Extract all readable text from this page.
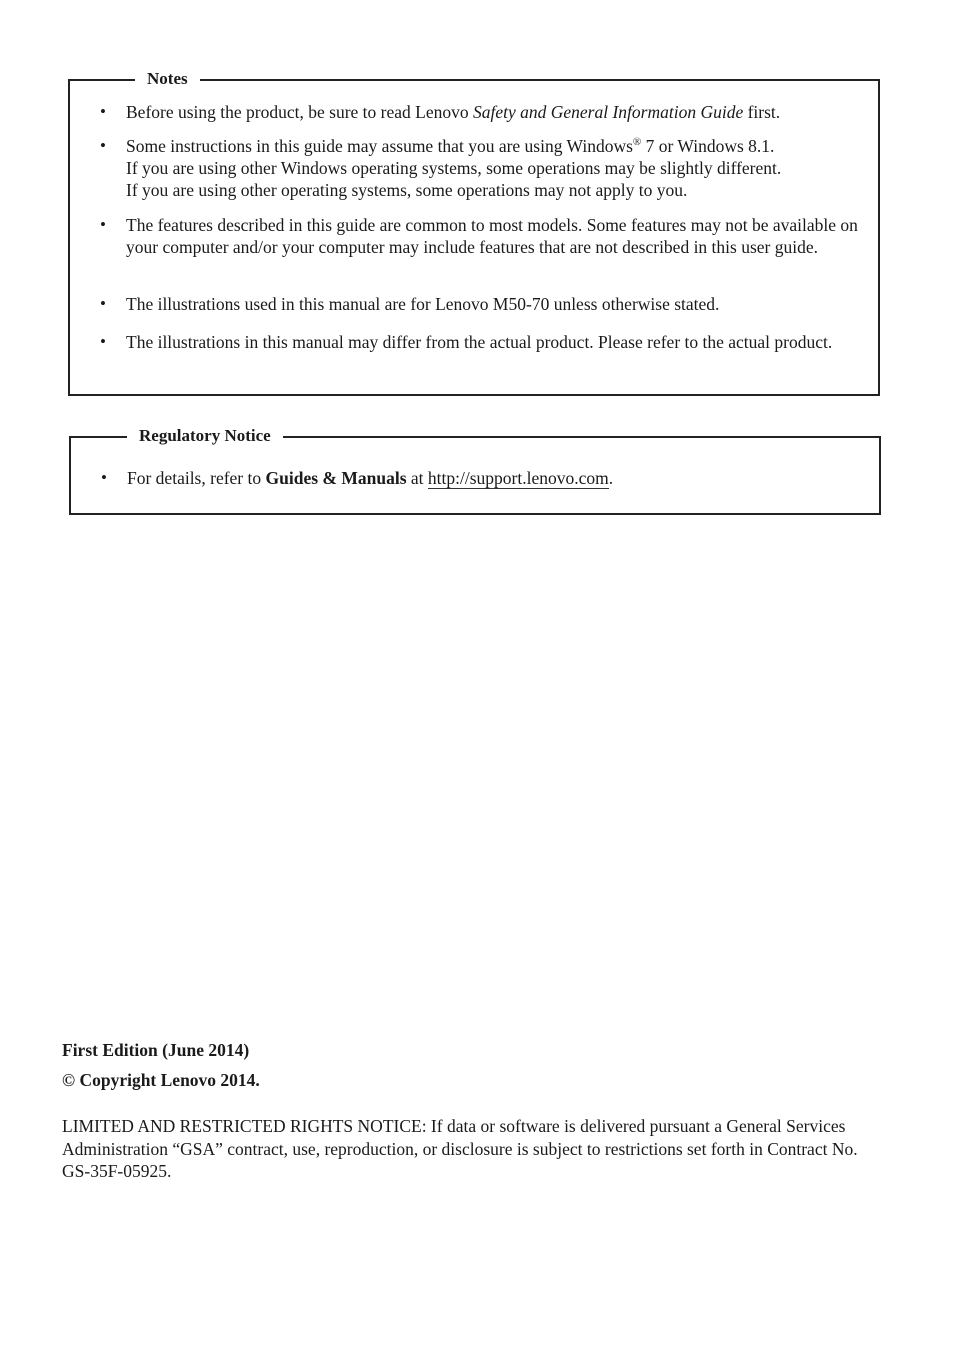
Notes
• Before using the product, be sure to read Lenovo Safety and General Information Guide first.
• Some instructions in this guide may assume that you are using Windows® 7 or Windows 8.1.
If you are using other Windows operating systems, some operations may be slightly different.
If you are using other operating systems, some operations may not apply to you.
• The features described in this guide are common to most models. Some features may not be available on your computer and/or your computer may include features that are not described in this user guide.
• The illustrations used in this manual are for Lenovo M50-70 unless otherwise stated.
• The illustrations in this manual may differ from the actual product. Please refer to the actual product.
Regulatory Notice
• For details, refer to Guides & Manuals at http://support.lenovo.com.
First Edition (June 2014)
© Copyright Lenovo 2014.
LIMITED AND RESTRICTED RIGHTS NOTICE: If data or software is delivered pursuant a General Services Administration “GSA” contract, use, reproduction, or disclosure is subject to restrictions set forth in Contract No. GS-35F-05925.
